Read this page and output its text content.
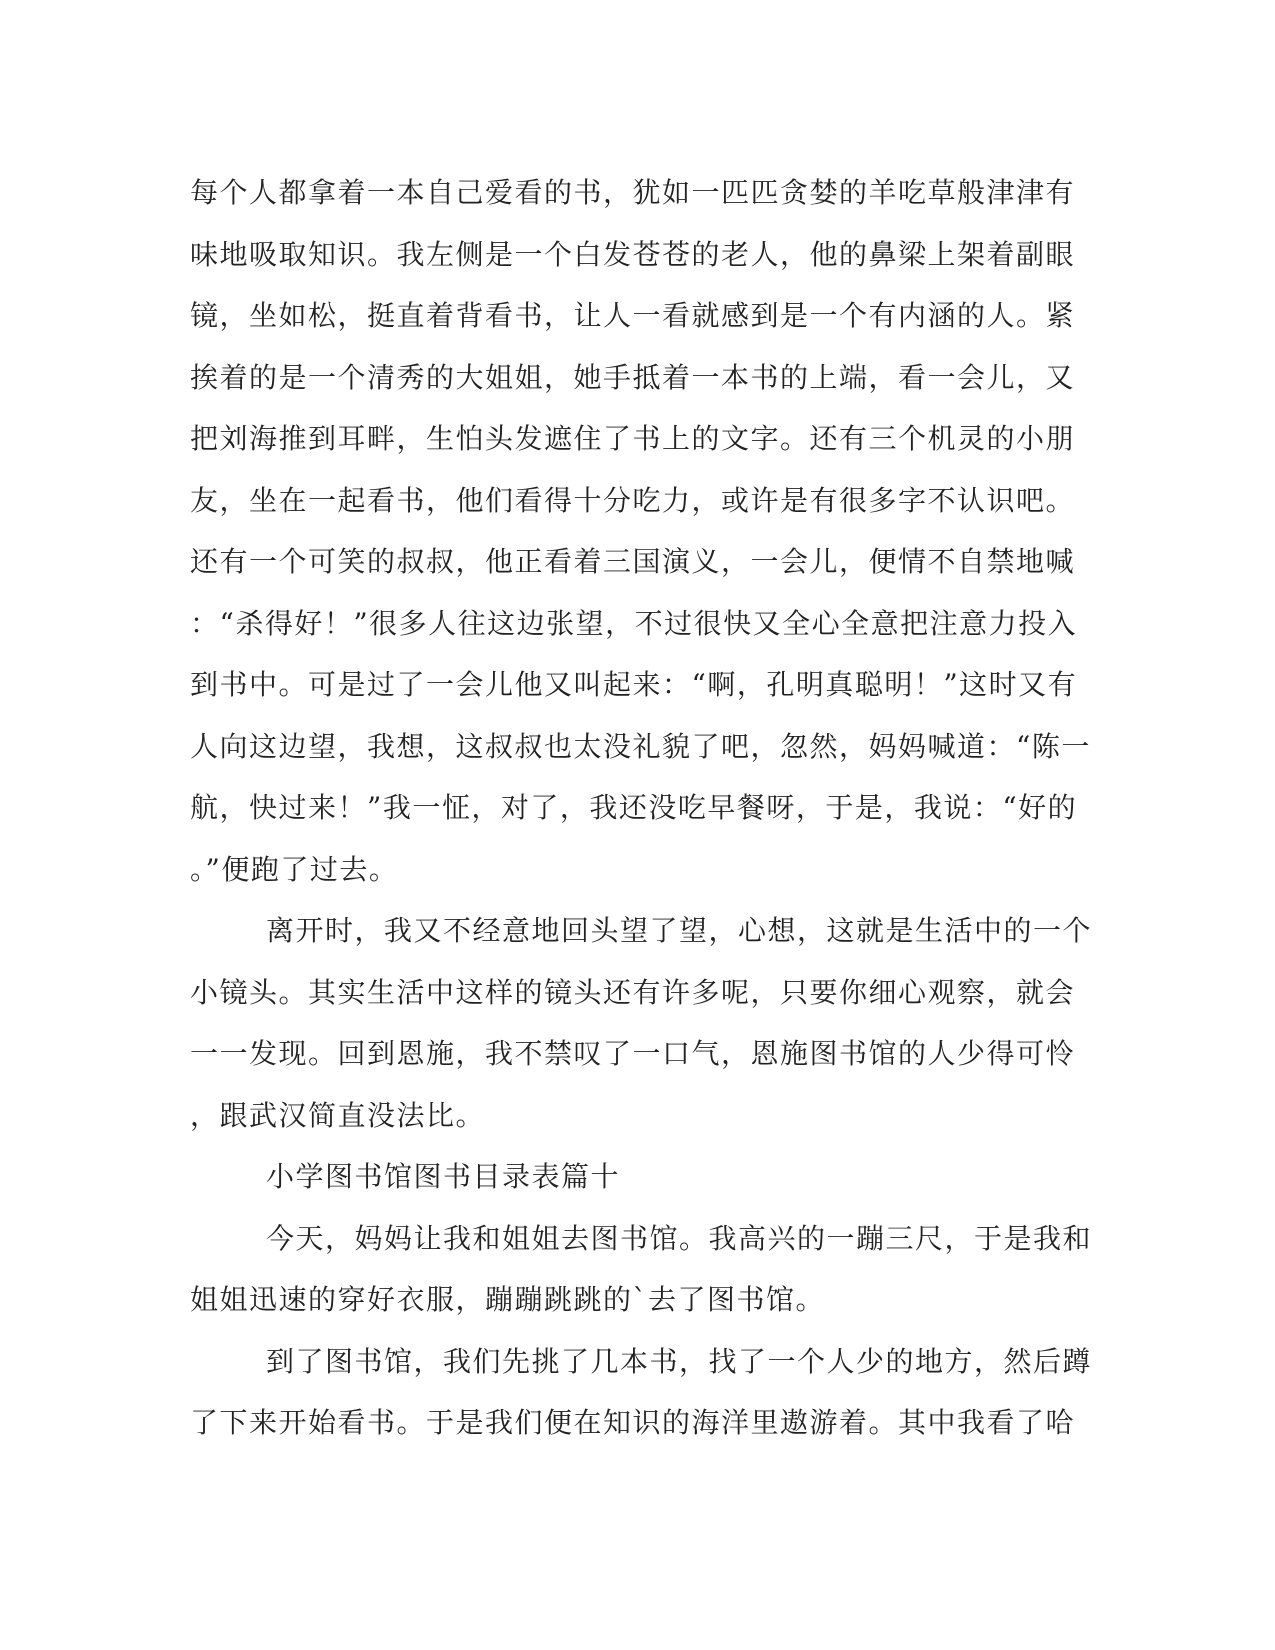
每个人都拿着一本自己爱看的书，犹如一匹匹贪婪的羊吃草般津津有
味地吸取知识。我左侧是一个白发苍苍的老人，他的鼻梁上架着副眼
镜，坐如松，挺直着背看书，让人一看就感到是一个有内涵的人。紧
挨着的是一个清秀的大姐姐，她手抵着一本书的上端，看一会儿，又
把刘海推到耳畔，生怕头发遮住了书上的文字。还有三个机灵的小朋
友，坐在一起看书，他们看得十分吃力，或许是有很多字不认识吧。
还有一个可笑的叔叔，他正看着三国演义，一会儿，便情不自禁地喊
：“杀得好！”很多人往这边张望，不过很快又全心全意把注意力投入
到书中。可是过了一会儿他又叫起来：“啊，孔明真聪明！”这时又有
人向这边望，我想，这叔叔也太没礼貌了吧，忽然，妈妈喊道：“陈一
航，快过来！”我一怔，对了，我还没吃早餐呀，于是，我说：“好的
。”便跑了过去。
离开时，我又不经意地回头望了望，心想，这就是生活中的一个
小镜头。其实生活中这样的镜头还有许多呢，只要你细心观察，就会
一一发现。回到恩施，我不禁叹了一口气，恩施图书馆的人少得可怜
，跟武汉简直没法比。
小学图书馆图书目录表篇十
今天，妈妈让我和姐姐去图书馆。我高兴的一蹦三尺，于是我和
姐姐迅速的穿好衣服，蹦蹦跳跳的`去了图书馆。
到了图书馆，我们先挑了几本书，找了一个人少的地方，然后蹲
了下来开始看书。于是我们便在知识的海洋里遨游着。其中我看了哈
